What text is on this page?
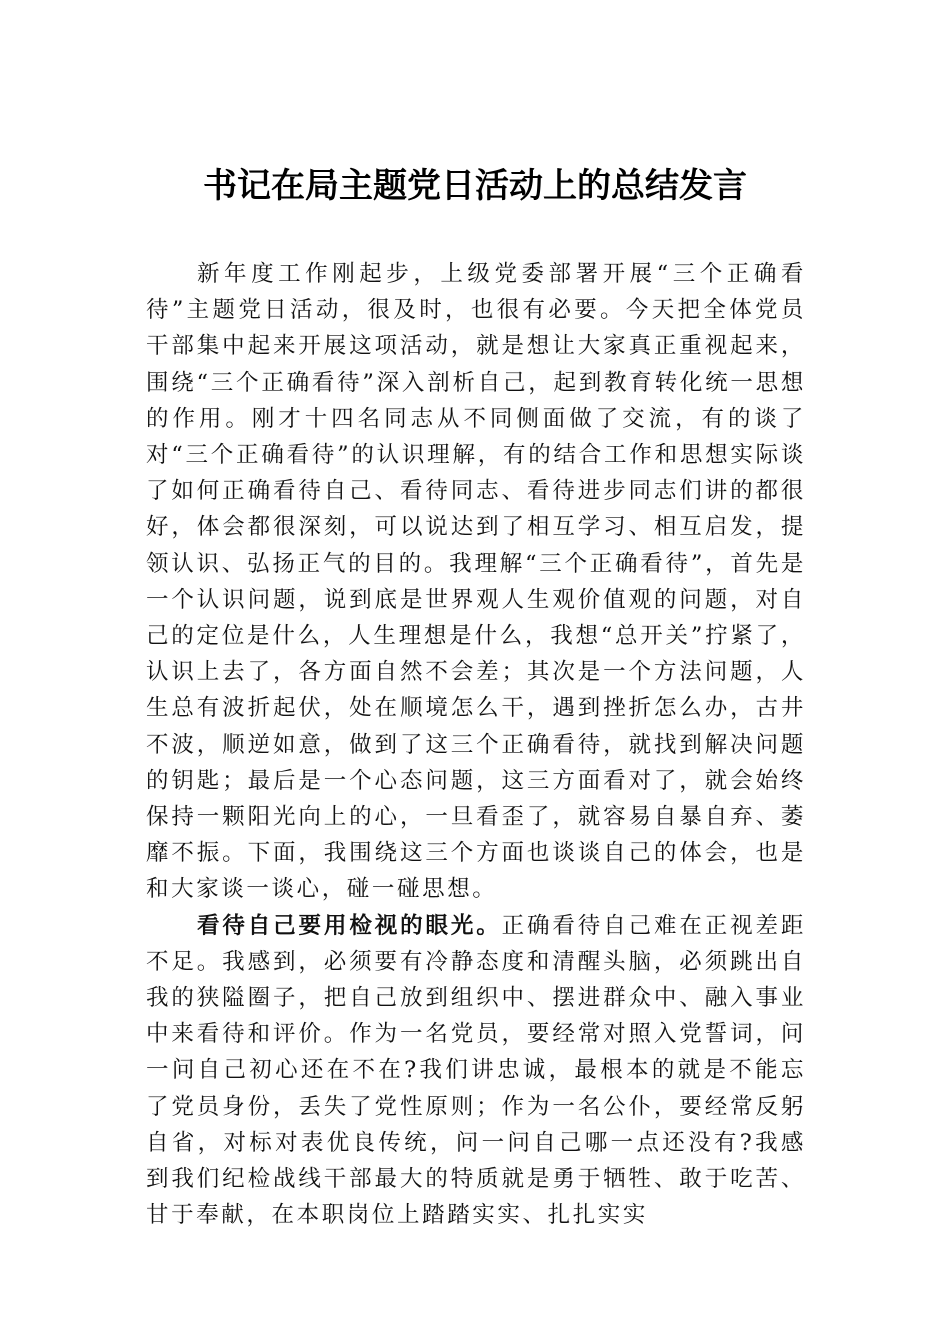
书记在局主题党日活动上的总结发言

新年度工作刚起步，上级党委部署开展“三个正确看待”主题党日活动，很及时，也很有必要。今天把全体党员干部集中起来开展这项活动，就是想让大家真正重视起来，围绕“三个正确看待”深入剖析自己，起到教育转化统一思想的作用。刚才十四名同志从不同侧面做了交流，有的谈了对“三个正确看待”的认识理解，有的结合工作和思想实际谈了如何正确看待自己、看待同志、看待进步同志们讲的都很好，体会都很深刻，可以说达到了相互学习、相互启发，提领认识、弘扬正气的目的。我理解“三个正确看待”，首先是一个认识问题，说到底是世界观人生观价值观的问题，对自己的定位是什么，人生理想是什么，我想“总开关”拧紧了，认识上去了，各方面自然不会差；其次是一个方法问题，人生总有波折起伏，处在顺境怎么干，遇到挫折怎么办，古井不波，顺逆如意，做到了这三个正确看待，就找到解决问题的钥匙；最后是一个心态问题，这三方面看对了，就会始终保持一颗阳光向上的心，一旦看歪了，就容易自暴自弃、萎靡不振。下面，我围绕这三个方面也谈谈自己的体会，也是和大家谈一谈心，碰一碰思想。

看待自己要用检视的眼光。正确看待自己难在正视差距不足。我感到，必须要有冷静态度和清醒头脑，必须跳出自我的狭隘圈子，把自己放到组织中、摆进群众中、融入事业中来看待和评价。作为一名党员，要经常对照入党誓词，问一问自己初心还在不在?我们讲忠诚，最根本的就是不能忘了党员身份，丢失了党性原则；作为一名公仆，要经常反躬自省，对标对表优良传统，问一问自己哪一点还没有?我感到我们纪检战线干部最大的特质就是勇于牺牲、敢于吃苦、甘于奉献，在本职岗位上踏踏实实、扎扎实实
